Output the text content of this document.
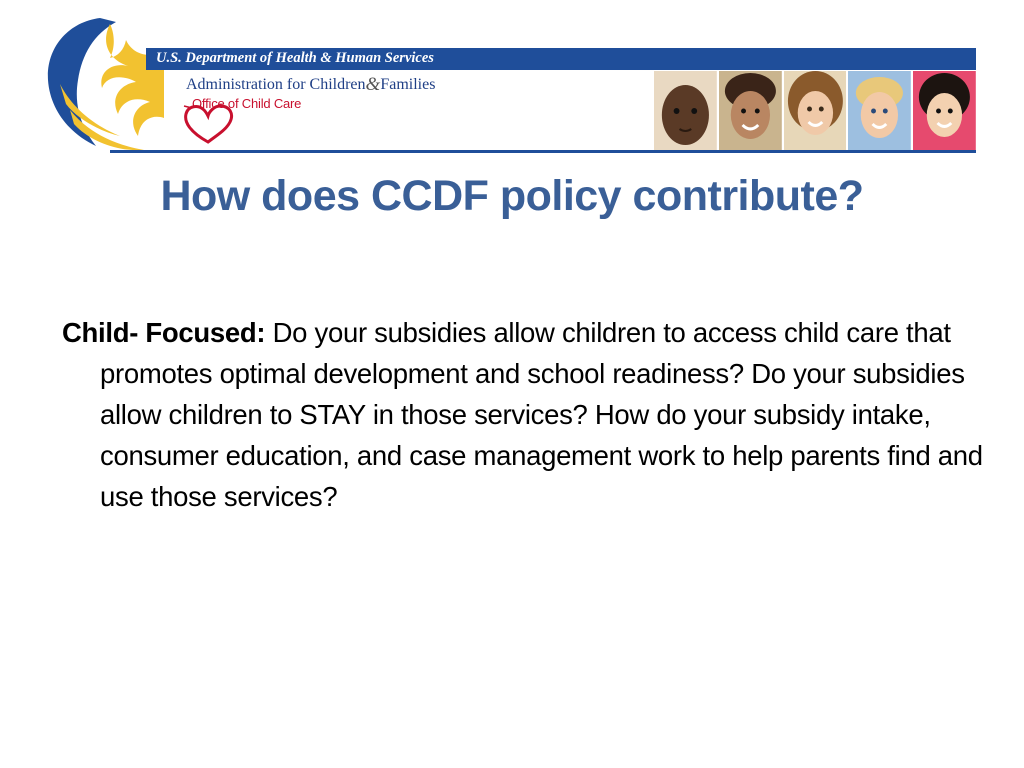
U.S. Department of Health & Human Services
Administration for Children&Families
Office of Child Care
How does CCDF policy contribute?
Child- Focused: Do your subsidies allow children to access child care that promotes optimal development and school readiness? Do your subsidies allow children to STAY in those services? How do your subsidy intake, consumer education, and case management work to help parents find and use those services?
